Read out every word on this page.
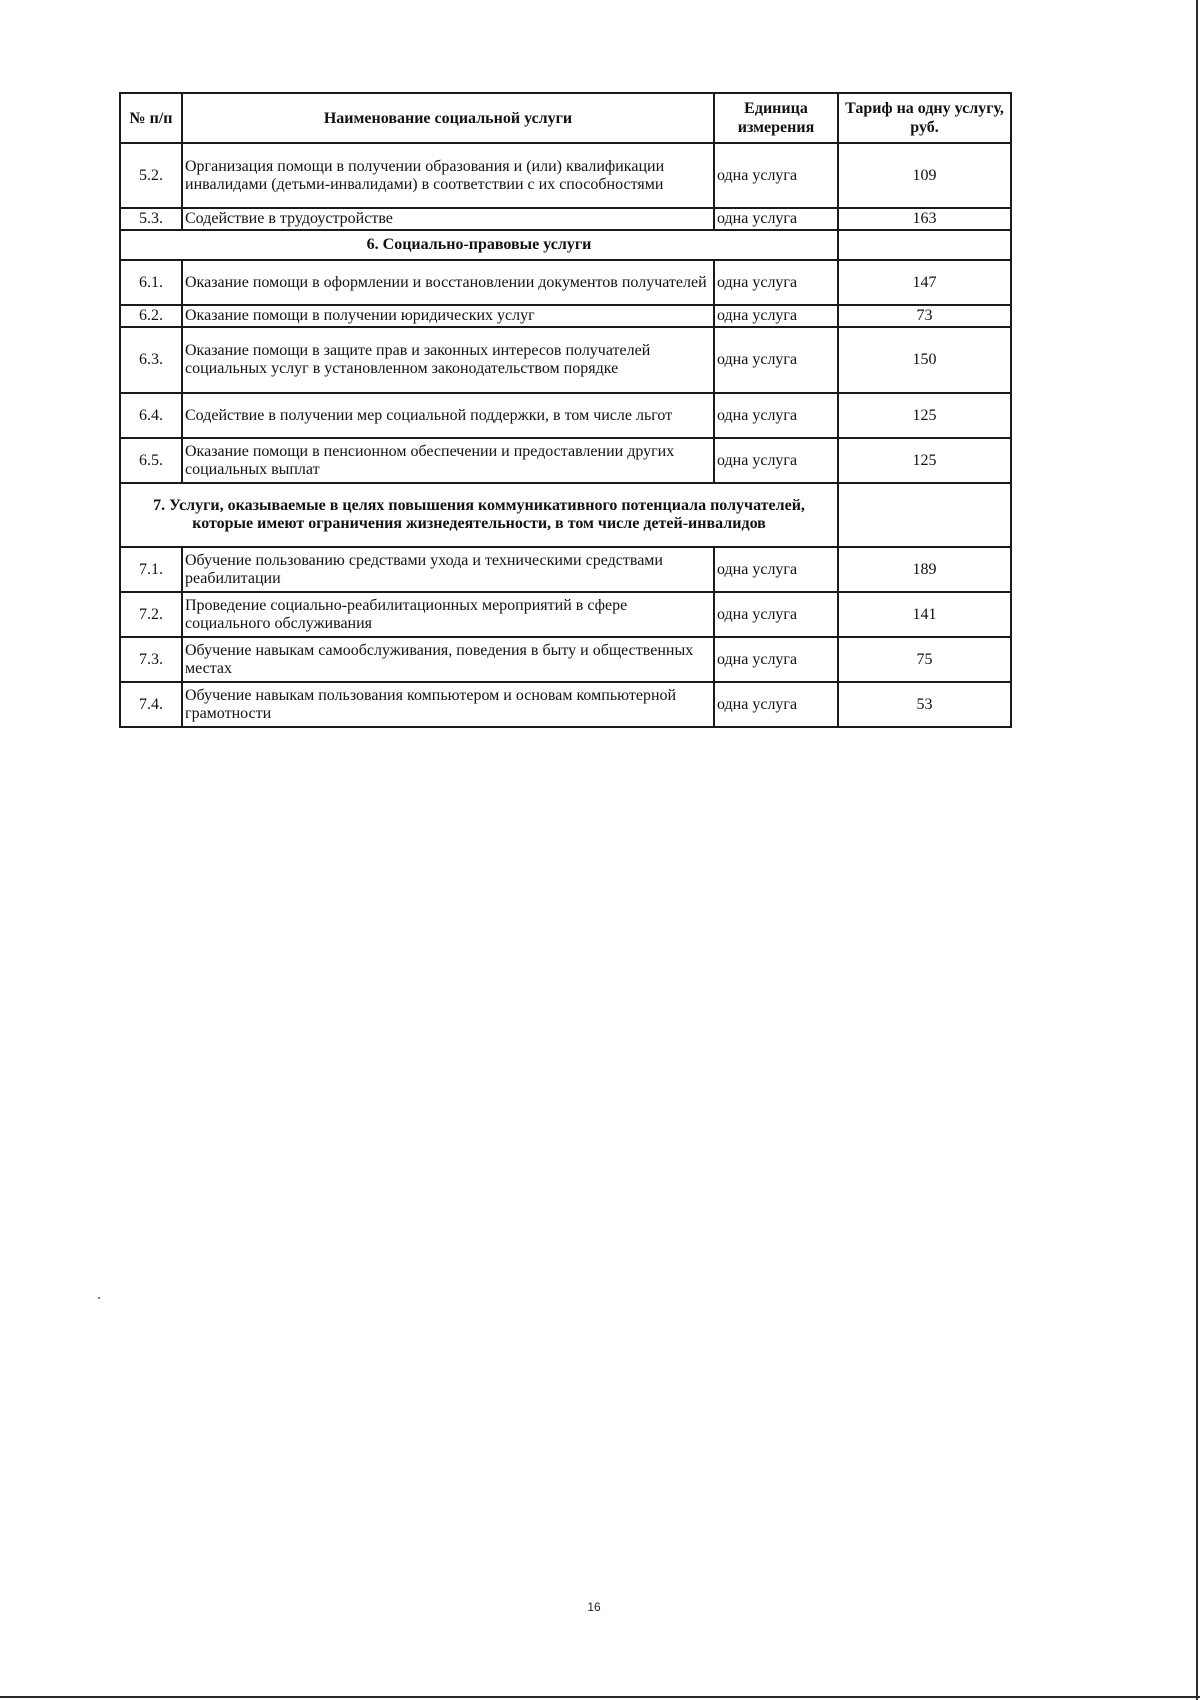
№ п/п	Наименование социальной услуги	Единица измерения	Тариф на одну услугу, руб.
5.2.	Организация помощи в получении образования и (или) квалификации инвалидами (детьми-инвалидами) в соответствии с их способностями	одна услуга	109
5.3.	Содействие в трудоустройстве	одна услуга	163
6. Социально-правовые услуги			
6.1.	Оказание помощи в оформлении и восстановлении документов получателей	одна услуга	147
6.2.	Оказание помощи в получении юридических услуг	одна услуга	73
6.3.	Оказание помощи в защите прав и законных интересов получателей социальных услуг в установленном законодательством порядке	одна услуга	150
6.4.	Содействие в получении мер социальной поддержки, в том числе льгот	одна услуга	125
6.5.	Оказание помощи в пенсионном обеспечении и предоставлении других социальных выплат	одна услуга	125
7. Услуги, оказываемые в целях повышения коммуникативного потенциала получателей, которые имеют ограничения жизнедеятельности, в том числе детей-инвалидов			
7.1.	Обучение пользованию средствами ухода и техническими средствами реабилитации	одна услуга	189
7.2.	Проведение социально-реабилитационных мероприятий в сфере социального обслуживания	одна услуга	141
7.3.	Обучение навыкам самообслуживания, поведения в быту и общественных местах	одна услуга	75
7.4.	Обучение навыкам пользования компьютером и основам компьютерной грамотности	одна услуга	53
16
